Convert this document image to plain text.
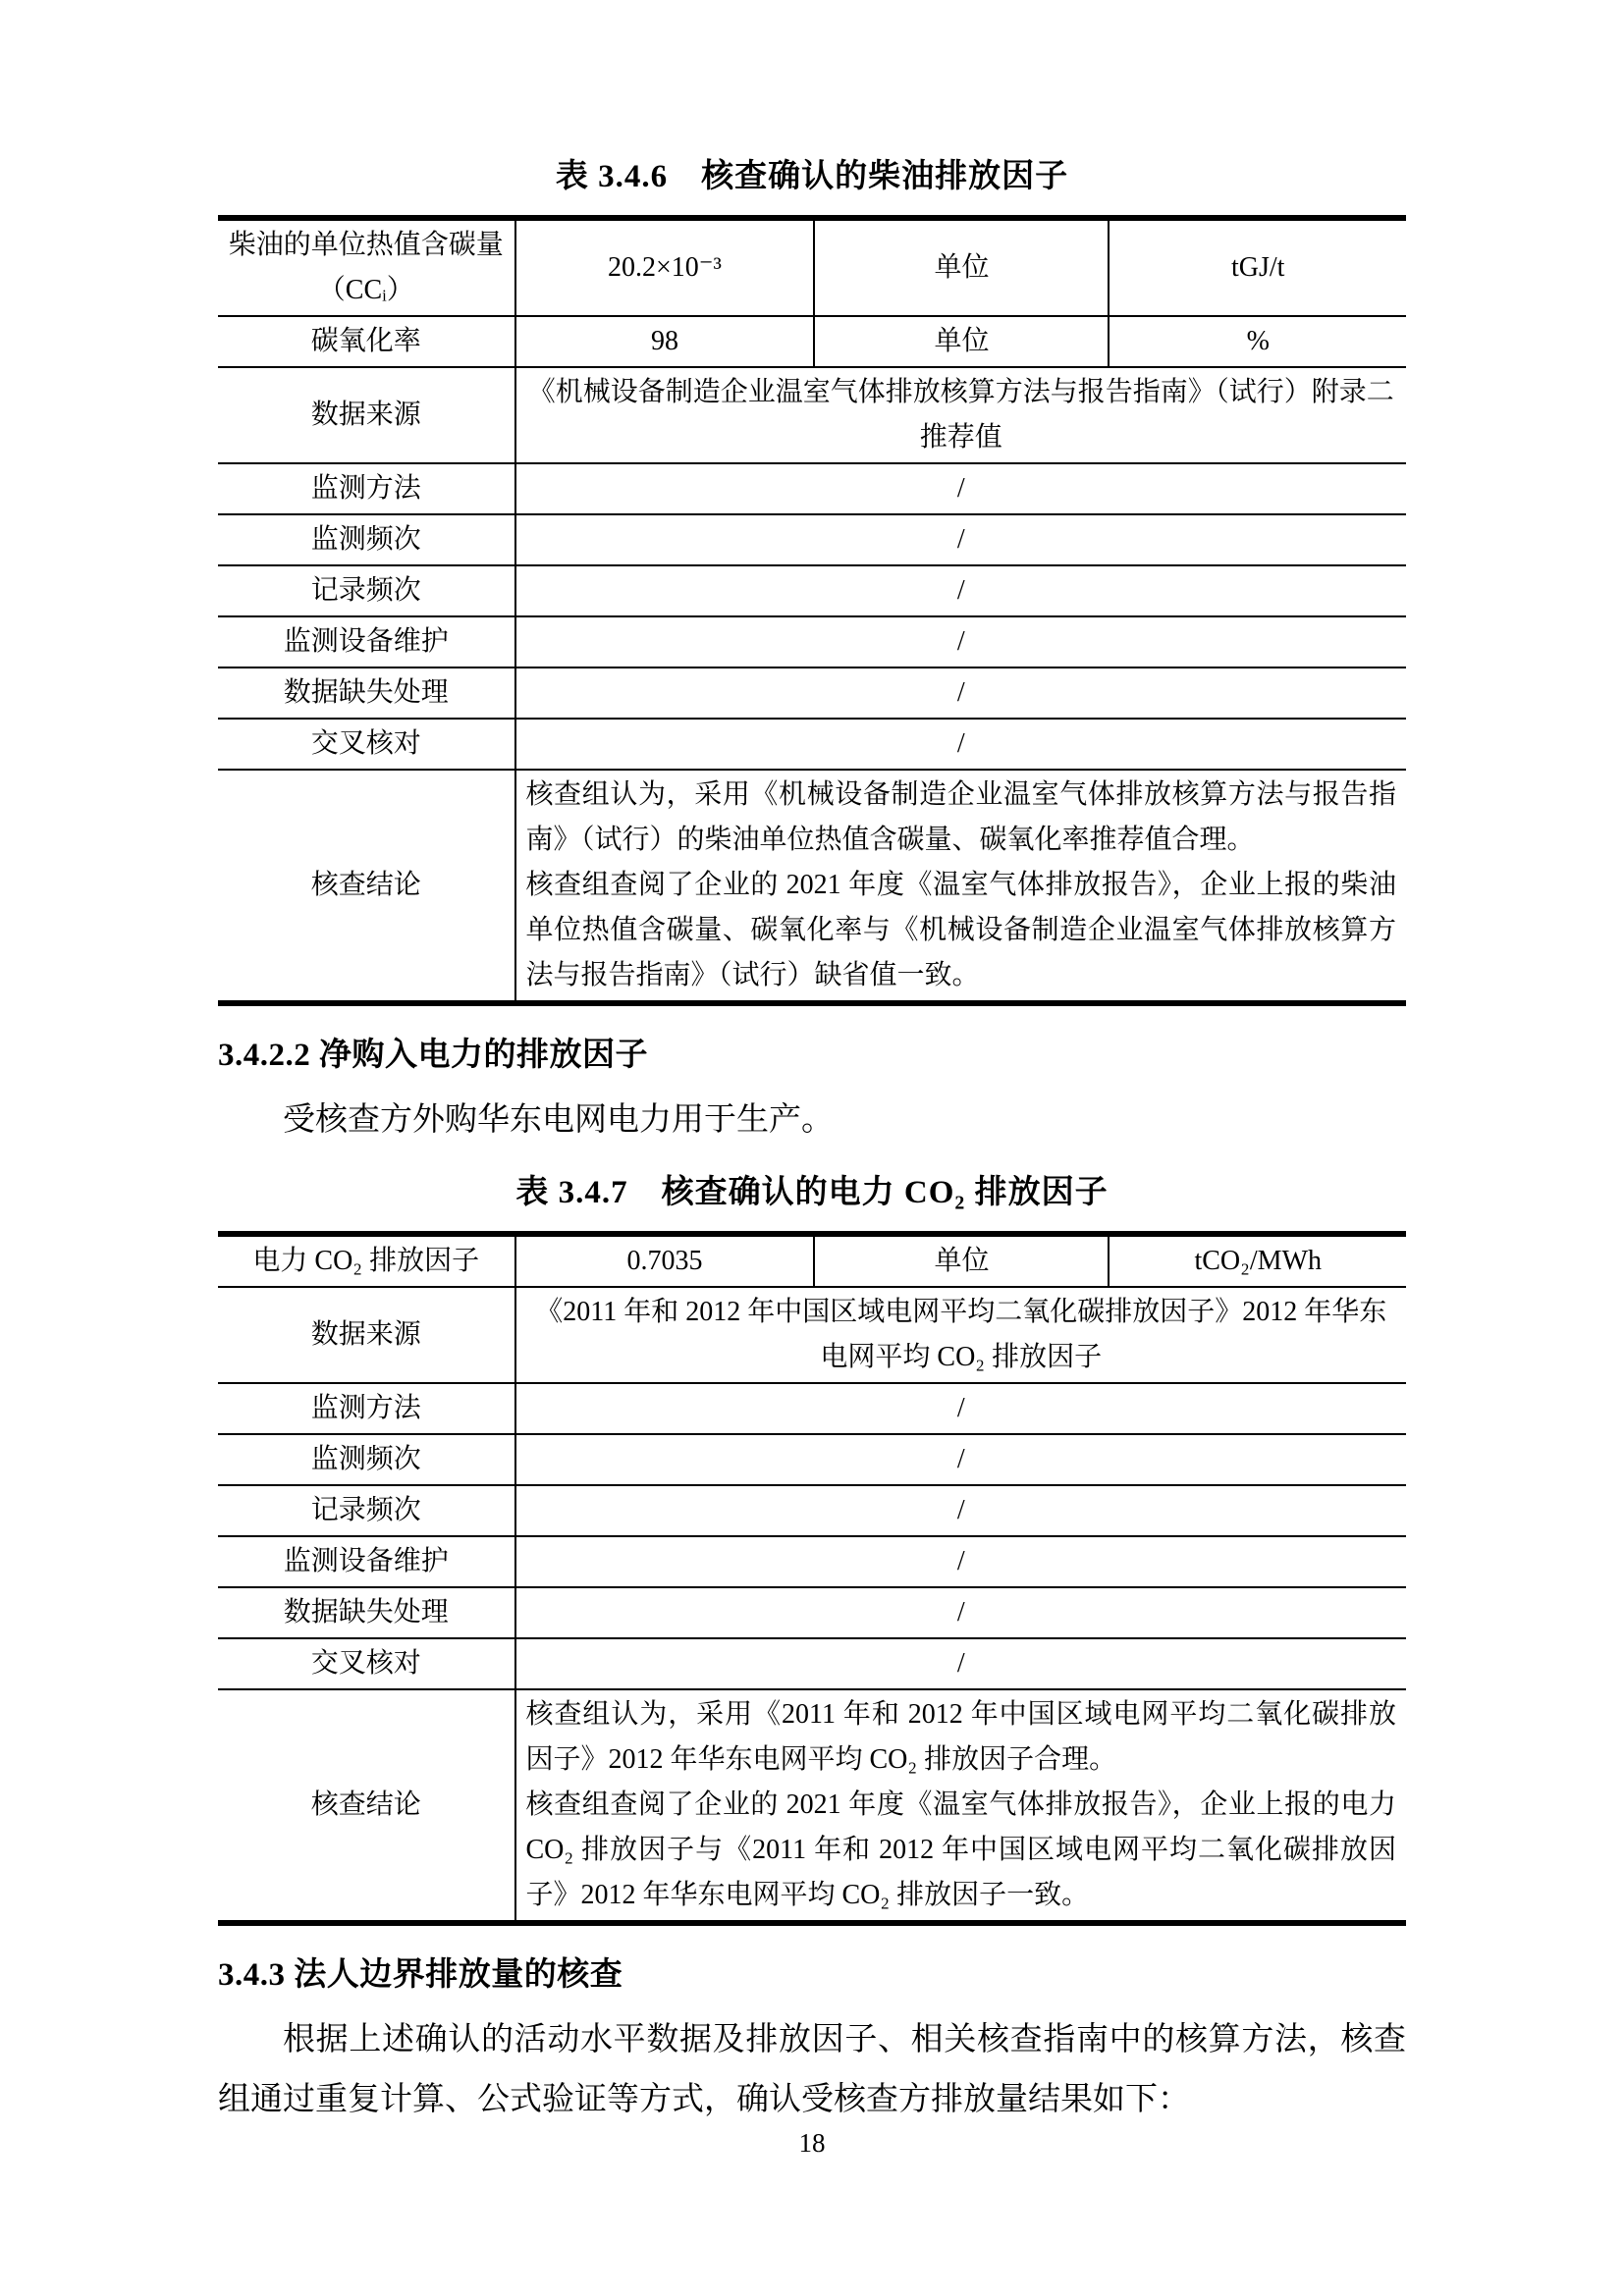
表 3.4.6　核查确认的柴油排放因子
柴油的单位热值含碳量（CCᵢ）	20.2×10⁻³	单位	tGJ/t
碳氧化率	98	单位	%
数据来源	《机械设备制造企业温室气体排放核算方法与报告指南》（试行）附录二推荐值		
监测方法	/		
监测频次	/		
记录频次	/		
监测设备维护	/		
数据缺失处理	/		
交叉核对	/		
核查结论	核查组认为，采用《机械设备制造企业温室气体排放核算方法与报告指南》（试行）的柴油单位热值含碳量、碳氧化率推荐值合理。

核查组查阅了企业的 2021 年度《温室气体排放报告》，企业上报的柴油单位热值含碳量、碳氧化率与《机械设备制造企业温室气体排放核算方法与报告指南》（试行）缺省值一致。		

3.4.2.2 净购入电力的排放因子
受核查方外购华东电网电力用于生产。
表 3.4.7　核查确认的电力 CO₂ 排放因子
电力 CO₂ 排放因子	0.7035	单位	tCO₂/MWh
数据来源	《2011 年和 2012 年中国区域电网平均二氧化碳排放因子》2012 年华东电网平均 CO₂ 排放因子		
监测方法	/		
监测频次	/		
记录频次	/		
监测设备维护	/		
数据缺失处理	/		
交叉核对	/		
核查结论	核查组认为，采用《2011 年和 2012 年中国区域电网平均二氧化碳排放因子》2012 年华东电网平均 CO₂ 排放因子合理。

核查组查阅了企业的 2021 年度《温室气体排放报告》，企业上报的电力 CO₂ 排放因子与《2011 年和 2012 年中国区域电网平均二氧化碳排放因子》2012 年华东电网平均 CO₂ 排放因子一致。		

3.4.3 法人边界排放量的核查
根据上述确认的活动水平数据及排放因子、相关核查指南中的核算方法，核查组通过重复计算、公式验证等方式，确认受核查方排放量结果如下：
18
